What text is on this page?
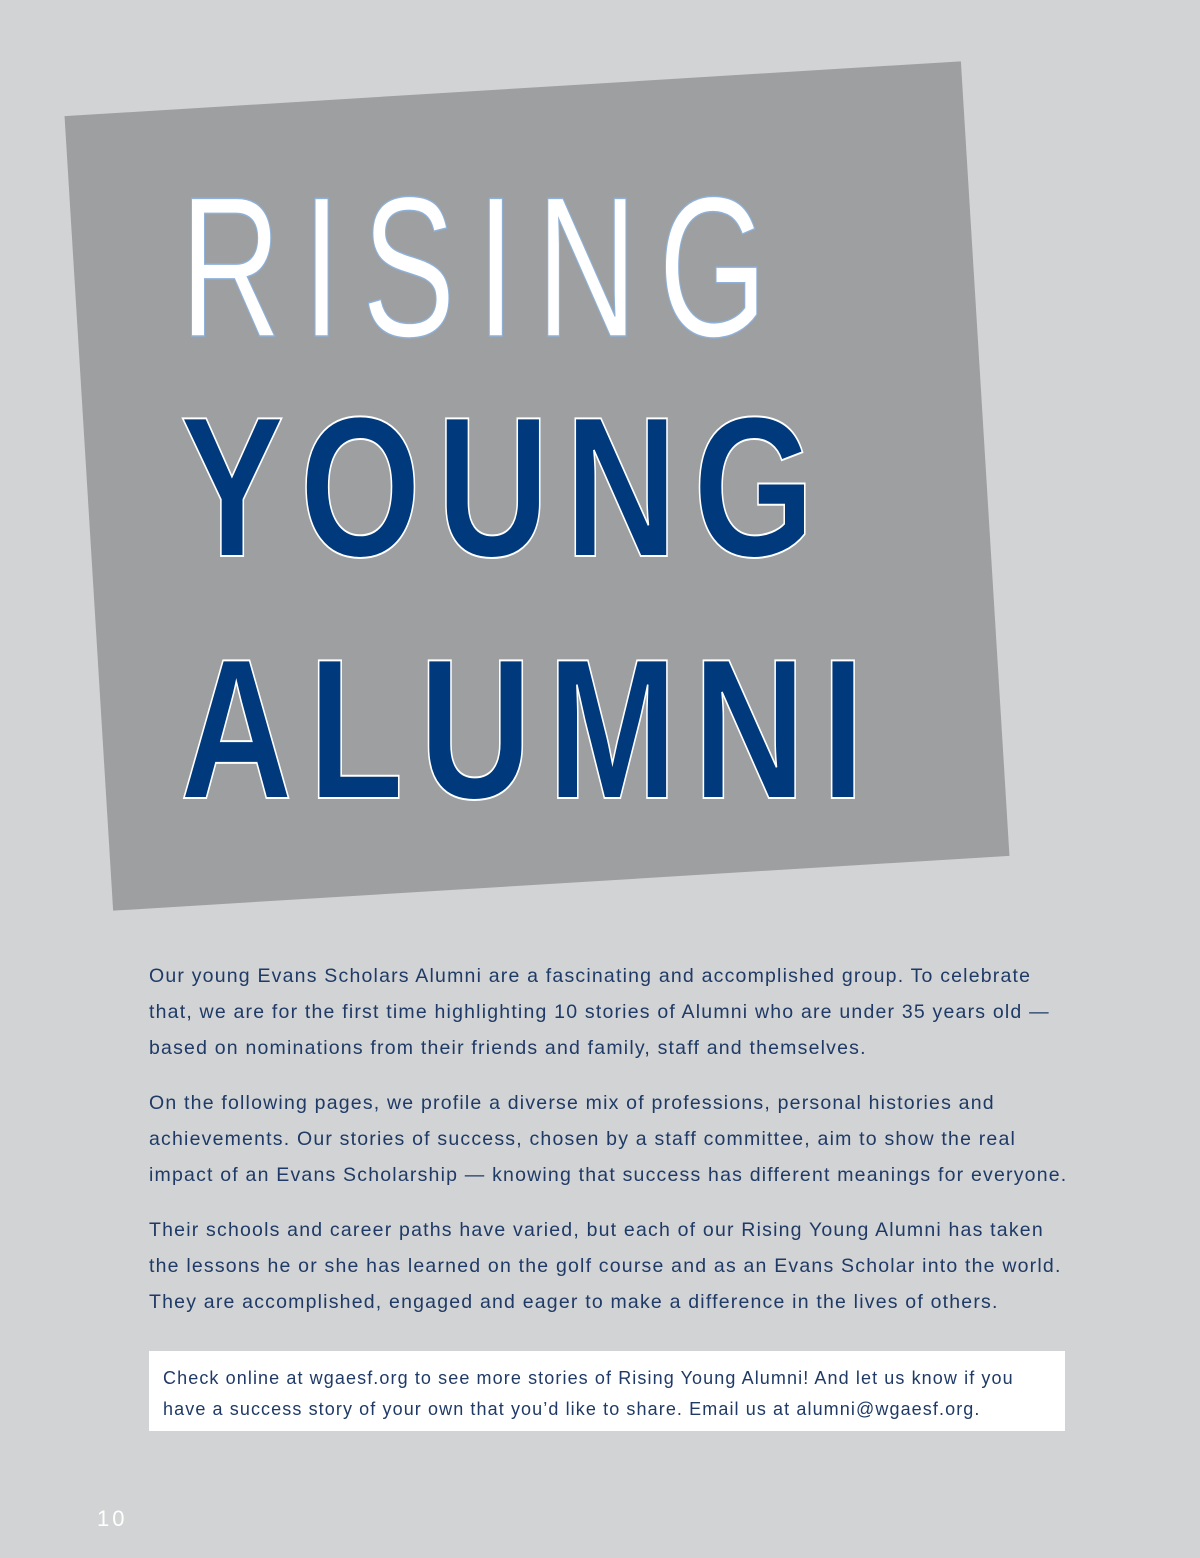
RISING
YOUNG
ALUMNI

Our young Evans Scholars Alumni are a fascinating and accomplished group. To celebrate that, we are for the first time highlighting 10 stories of Alumni who are under 35 years old — based on nominations from their friends and family, staff and themselves.

On the following pages, we profile a diverse mix of professions, personal histories and achievements. Our stories of success, chosen by a staff committee, aim to show the real impact of an Evans Scholarship — knowing that success has different meanings for everyone.

Their schools and career paths have varied, but each of our Rising Young Alumni has taken the lessons he or she has learned on the golf course and as an Evans Scholar into the world. They are accomplished, engaged and eager to make a difference in the lives of others.

Check online at wgaesf.org to see more stories of Rising Young Alumni! And let us know if you have a success story of your own that you’d like to share. Email us at alumni@wgaesf.org.
10
